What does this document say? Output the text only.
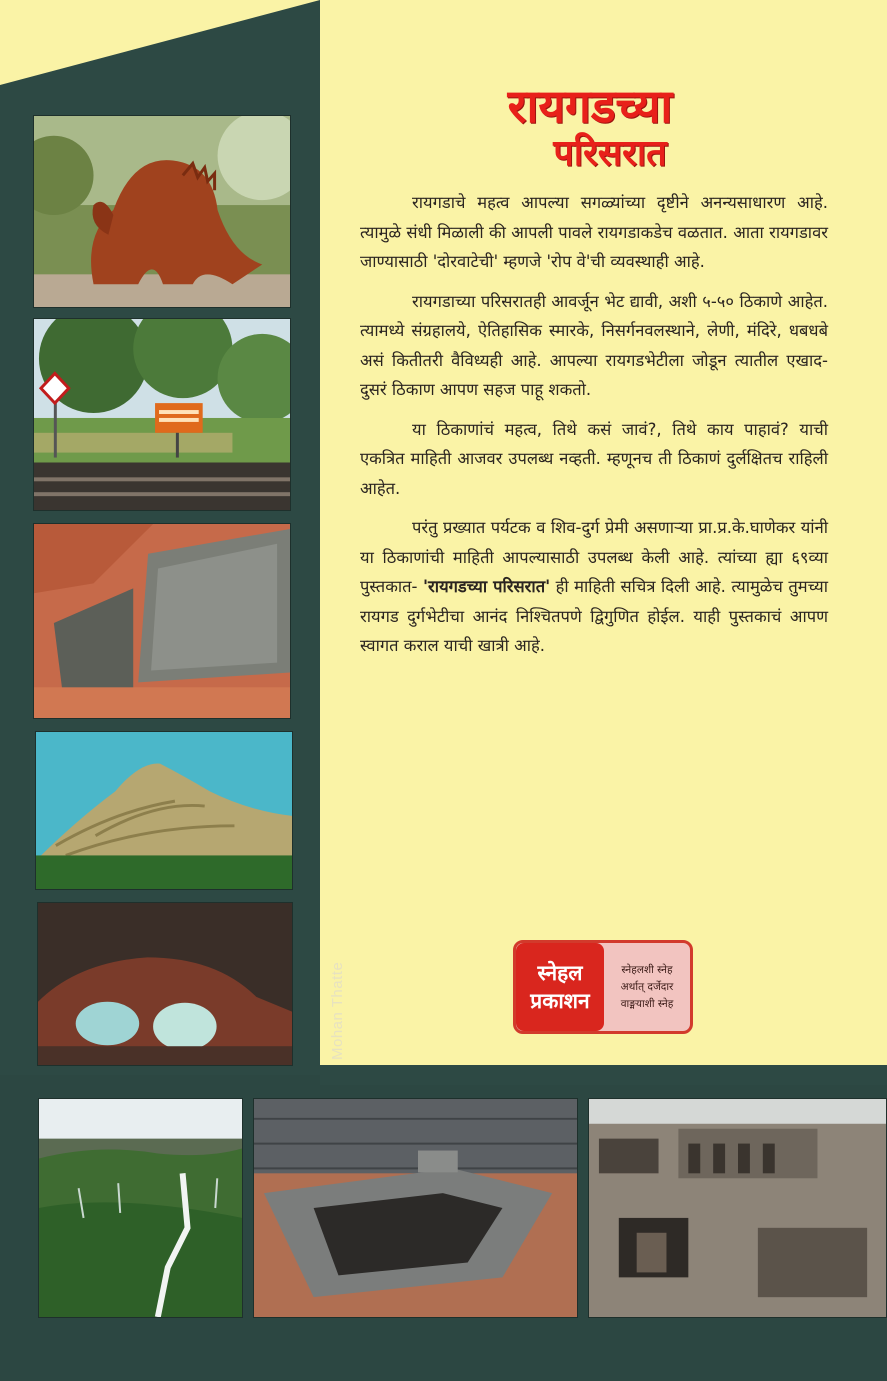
Mohan Thatte
रायगडच्या
परिसरात

रायगडाचे महत्व आपल्या सगळ्यांच्या दृष्टीने अनन्यसाधारण आहे. त्यामुळे संधी मिळाली की आपली पावले रायगडाकडेच वळतात. आता रायगडावर जाण्यासाठी 'दोरवाटेची' म्हणजे 'रोप वे'ची व्यवस्थाही आहे.

रायगडाच्या परिसरातही आवर्जून भेट द्यावी, अशी ५-५० ठिकाणे आहेत. त्यामध्ये संग्रहालये, ऐतिहासिक स्मारके, निसर्गनवलस्थाने, लेणी, मंदिरे, धबधबे असं कितीतरी वैविध्यही आहे. आपल्या रायगडभेटीला जोडून त्यातील एखाद-दुसरं ठिकाण आपण सहज पाहू शकतो.

या ठिकाणांचं महत्व, तिथे कसं जावं?, तिथे काय पाहावं? याची एकत्रित माहिती आजवर उपलब्ध नव्हती. म्हणूनच ती ठिकाणं दुर्लक्षितच राहिली आहेत.

परंतु प्रख्यात पर्यटक व शिव-दुर्ग प्रेमी असणाऱ्या प्रा.प्र.के.घाणेकर यांनी या ठिकाणांची माहिती आपल्यासाठी उपलब्ध केली आहे. त्यांच्या ह्या ६९व्या पुस्तकात- 'रायगडच्या परिसरात' ही माहिती सचित्र दिली आहे. त्यामुळेच तुमच्या रायगड दुर्गभेटीचा आनंद निश्चितपणे द्विगुणित होईल. याही पुस्तकाचं आपण स्वागत कराल याची खात्री आहे.

स्नेहल
प्रकाशन
स्नेहलशी स्नेह
अर्थात् दर्जेदार
वाङ्मयाशी स्नेह
